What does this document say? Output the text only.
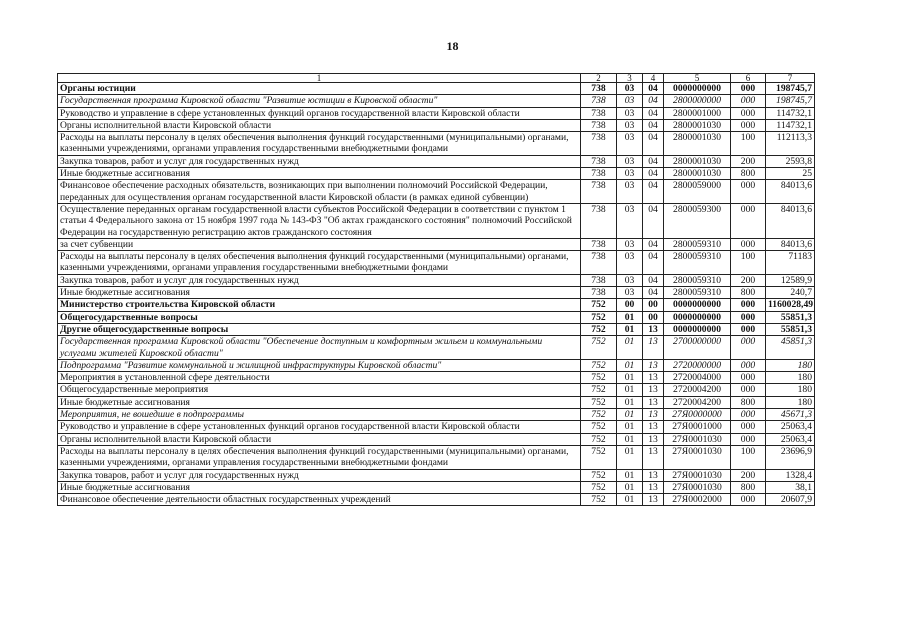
18
1	2	3	4	5	6	7
Органы юстиции	738	03	04	0000000000	000	198745,7
Государственная программа Кировской области "Развитие юстиции в Кировской области"	738	03	04	2800000000	000	198745,7
Руководство и управление в сфере установленных функций органов государственной власти Кировской области	738	03	04	2800001000	000	114732,1
Органы исполнительной власти Кировской области	738	03	04	2800001030	000	114732,1
Расходы на выплаты персоналу в целях обеспечения выполнения функций государственными (муниципальными) органами, казенными учреждениями, органами управления государственными внебюджетными фондами	738	03	04	2800001030	100	112113,3
Закупка товаров, работ и услуг для государственных нужд	738	03	04	2800001030	200	2593,8
Иные бюджетные ассигнования	738	03	04	2800001030	800	25
Финансовое обеспечение расходных обязательств, возникающих при выполнении полномочий Российской Федерации, переданных для осуществления органам государственной власти Кировской области (в рамках единой субвенции)	738	03	04	2800059000	000	84013,6
Осуществление переданных органам государственной власти субъектов Российской Федерации в соответствии с пунктом 1 статьи 4 Федерального закона от 15 ноября 1997 года № 143-ФЗ "Об актах гражданского состояния" полномочий Российской Федерации на государственную регистрацию актов гражданского состояния	738	03	04	2800059300	000	84013,6
за счет субвенции	738	03	04	2800059310	000	84013,6
Расходы на выплаты персоналу в целях обеспечения выполнения функций государственными (муниципальными) органами, казенными учреждениями, органами управления государственными внебюджетными фондами	738	03	04	2800059310	100	71183
Закупка товаров, работ и услуг для государственных нужд	738	03	04	2800059310	200	12589,9
Иные бюджетные ассигнования	738	03	04	2800059310	800	240,7
Министерство строительства Кировской области	752	00	00	0000000000	000	1160028,49
Общегосударственные вопросы	752	01	00	0000000000	000	55851,3
Другие общегосударственные вопросы	752	01	13	0000000000	000	55851,3
Государственная программа Кировской области "Обеспечение доступным и комфортным жильем и коммунальными услугами жителей Кировской области"	752	01	13	2700000000	000	45851,3
Подпрограмма "Развитие коммунальной и жилищной инфраструктуры Кировской области"	752	01	13	2720000000	000	180
Мероприятия в установленной сфере деятельности	752	01	13	2720004000	000	180
Общегосударственные мероприятия	752	01	13	2720004200	000	180
Иные бюджетные ассигнования	752	01	13	2720004200	800	180
Мероприятия, не вошедшие в подпрограммы	752	01	13	27Я0000000	000	45671,3
Руководство и управление в сфере установленных функций органов государственной власти Кировской области	752	01	13	27Я0001000	000	25063,4
Органы исполнительной власти Кировской области	752	01	13	27Я0001030	000	25063,4
Расходы на выплаты персоналу в целях обеспечения выполнения функций государственными (муниципальными) органами, казенными учреждениями, органами управления государственными внебюджетными фондами	752	01	13	27Я0001030	100	23696,9
Закупка товаров, работ и услуг для государственных нужд	752	01	13	27Я0001030	200	1328,4
Иные бюджетные ассигнования	752	01	13	27Я0001030	800	38,1
Финансовое обеспечение деятельности областных государственных учреждений	752	01	13	27Я0002000	000	20607,9
